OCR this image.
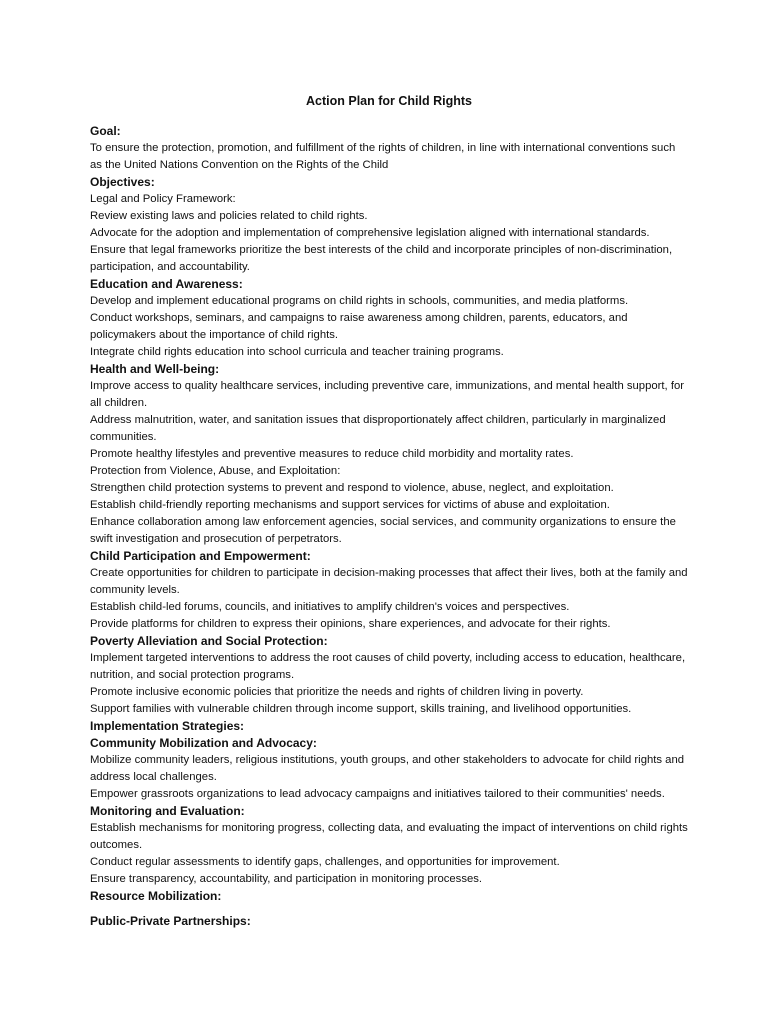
Action Plan for Child Rights

Goal:

To ensure the protection, promotion, and fulfillment of the rights of children, in line with international conventions such as the United Nations Convention on the Rights of the Child

Objectives:

Legal and Policy Framework:

Review existing laws and policies related to child rights.

Advocate for the adoption and implementation of comprehensive legislation aligned with international standards.

Ensure that legal frameworks prioritize the best interests of the child and incorporate principles of non-discrimination, participation, and accountability.

Education and Awareness:

Develop and implement educational programs on child rights in schools, communities, and media platforms.

Conduct workshops, seminars, and campaigns to raise awareness among children, parents, educators, and policymakers about the importance of child rights.

Integrate child rights education into school curricula and teacher training programs.

Health and Well-being:

Improve access to quality healthcare services, including preventive care, immunizations, and mental health support, for all children.

Address malnutrition, water, and sanitation issues that disproportionately affect children, particularly in marginalized communities.

Promote healthy lifestyles and preventive measures to reduce child morbidity and mortality rates.

Protection from Violence, Abuse, and Exploitation:

Strengthen child protection systems to prevent and respond to violence, abuse, neglect, and exploitation.

Establish child-friendly reporting mechanisms and support services for victims of abuse and exploitation.

Enhance collaboration among law enforcement agencies, social services, and community organizations to ensure the swift investigation and prosecution of perpetrators.

Child Participation and Empowerment:

Create opportunities for children to participate in decision-making processes that affect their lives, both at the family and community levels.

Establish child-led forums, councils, and initiatives to amplify children's voices and perspectives.

Provide platforms for children to express their opinions, share experiences, and advocate for their rights.

Poverty Alleviation and Social Protection:

Implement targeted interventions to address the root causes of child poverty, including access to education, healthcare, nutrition, and social protection programs.

Promote inclusive economic policies that prioritize the needs and rights of children living in poverty.

Support families with vulnerable children through income support, skills training, and livelihood opportunities.

Implementation Strategies:

Community Mobilization and Advocacy:

Mobilize community leaders, religious institutions, youth groups, and other stakeholders to advocate for child rights and address local challenges.

Empower grassroots organizations to lead advocacy campaigns and initiatives tailored to their communities' needs.

Monitoring and Evaluation:

Establish mechanisms for monitoring progress, collecting data, and evaluating the impact of interventions on child rights outcomes.

Conduct regular assessments to identify gaps, challenges, and opportunities for improvement.

Ensure transparency, accountability, and participation in monitoring processes.

Resource Mobilization:

Public-Private Partnerships:
